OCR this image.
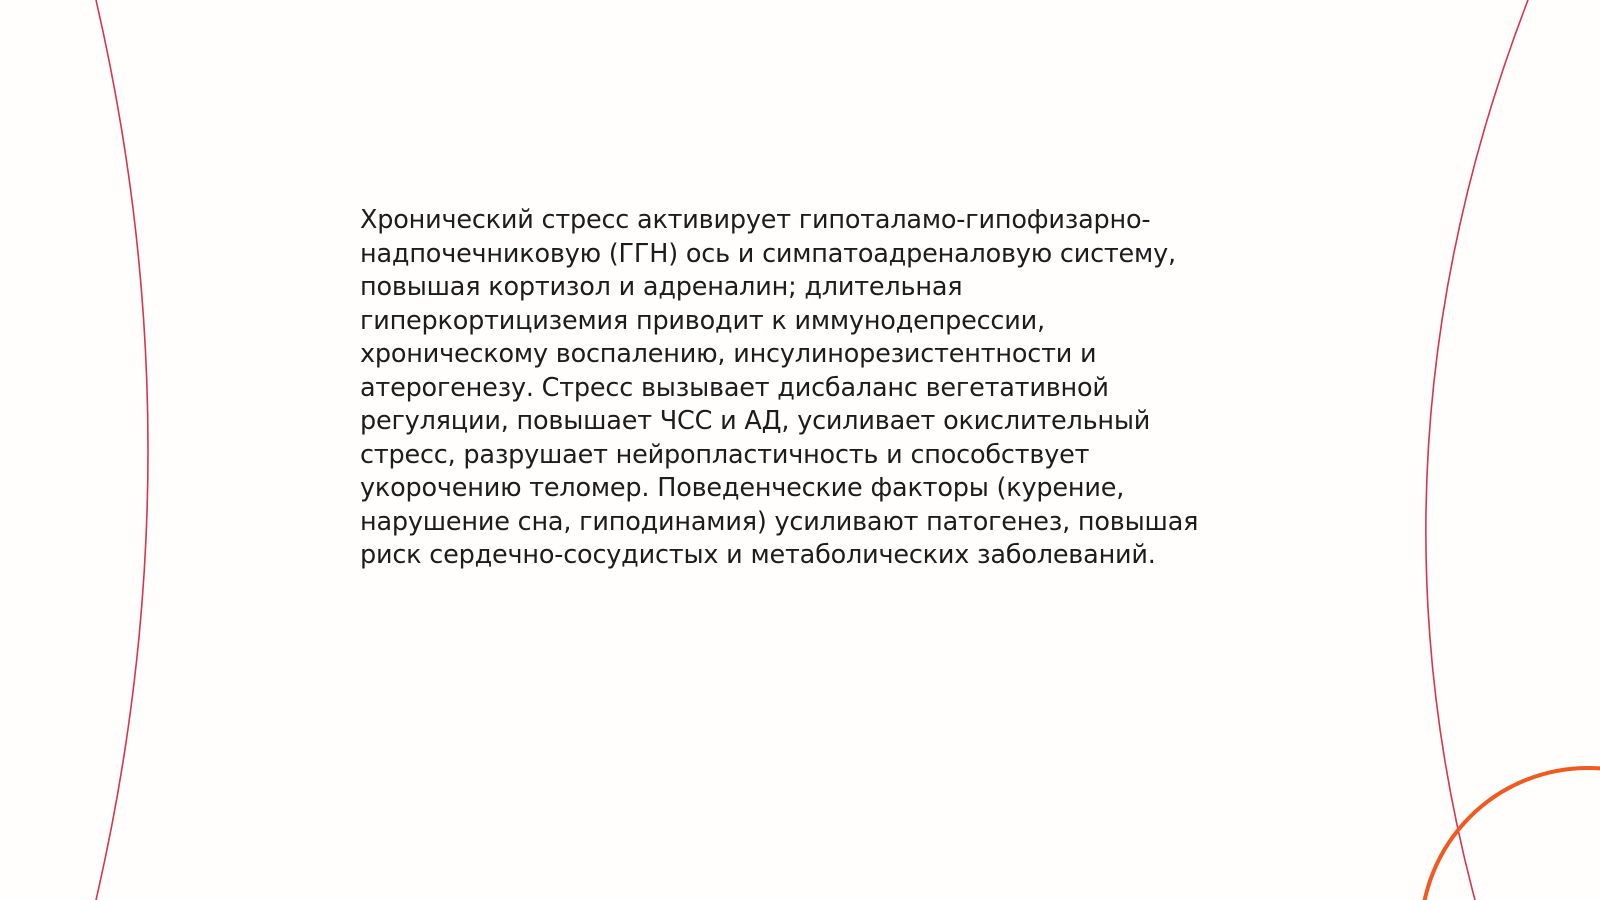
Хронический стресс активирует гипоталамо-гипофизарно-
надпочечниковую (ГГН) ось и симпатоадреналовую систему,
повышая кортизол и адреналин; длительная
гиперкортициземия приводит к иммунодепрессии,
хроническому воспалению, инсулинорезистентности и
атерогенезу. Стресс вызывает дисбаланс вегетативной
регуляции, повышает ЧСС и АД, усиливает окислительный
стресс, разрушает нейропластичность и способствует
укорочению теломер. Поведенческие факторы (курение,
нарушение сна, гиподинамия) усиливают патогенез, повышая
риск сердечно-сосудистых и метаболических заболеваний.
